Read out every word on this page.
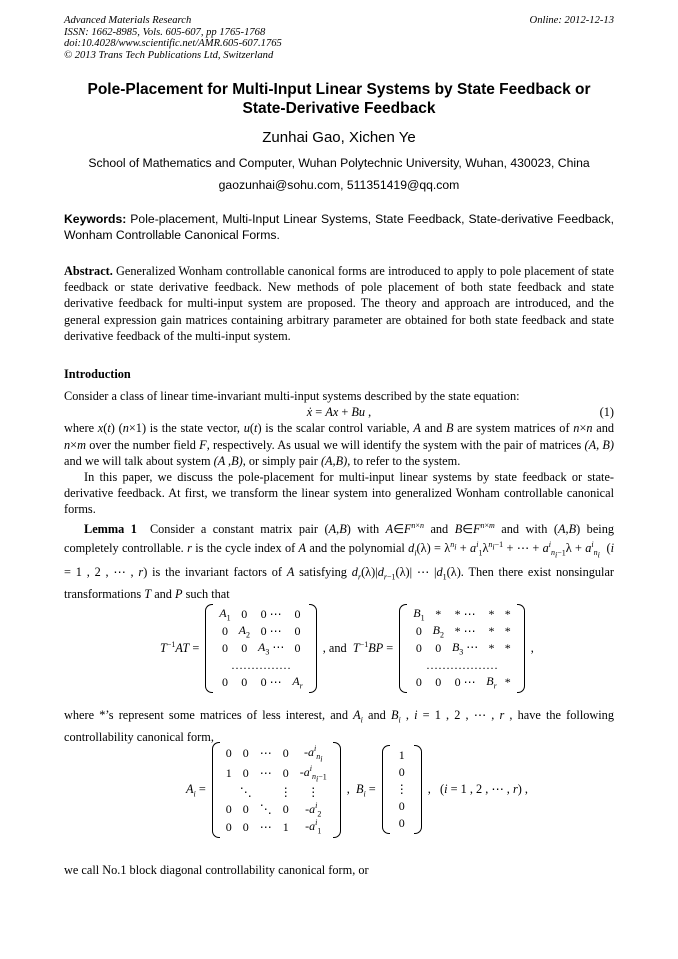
Advanced Materials Research
ISSN: 1662-8985, Vols. 605-607, pp 1765-1768
doi:10.4028/www.scientific.net/AMR.605-607.1765
© 2013 Trans Tech Publications Ltd, Switzerland
Online: 2012-12-13
Pole-Placement for Multi-Input Linear Systems by State Feedback or
State-Derivative Feedback
Zunhai Gao, Xichen Ye
School of Mathematics and Computer, Wuhan Polytechnic University, Wuhan, 430023, China
gaozunhai@sohu.com, 511351419@qq.com
Keywords: Pole-placement, Multi-Input Linear Systems, State Feedback, State-derivative Feedback, Wonham Controllable Canonical Forms.
Abstract. Generalized Wonham controllable canonical forms are introduced to apply to pole placement of state feedback or state derivative feedback. New methods of pole placement of both state feedback and state derivative feedback for multi-input system are proposed. The theory and approach are introduced, and the general expression gain matrices containing arbitrary parameter are obtained for both state feedback and state derivative feedback of the multi-input system.
Introduction

Consider a class of linear time-invariant multi-input systems described by the state equation:

ẋ = Ax + Bu ,	(1)

where x(t) (n×1) is the state vector, u(t) is the scalar control variable, A and B are system matrices of n×n and n×m over the number field F, respectively. As usual we will identify the system with the pair of matrices (A, B) and we will talk about system (A ,B), or simply pair (A,B), to refer to the system.

In this paper, we discuss the pole-placement for multi-input linear systems by state feedback or state-derivative feedback. At first, we transform the linear system into generalized Wonham controllable canonical forms.

Lemma 1 Consider a constant matrix pair (A,B) with $A\in F^{n\times n}$ and $B\in F^{n\times m}$ and with (A,B) being completely controllable. r is the cycle index of A and the polynomial $d_i(\lambda) = \lambda^{n_i} + a^i_1\lambda^{n_i-1}$ + ⋯ + $a^i_{n_i-1}\lambda + a^i_{n_i}$  (i = 1 , 2 , ⋯ , r) is the invariant factors of A satisfying $d_r(\lambda)|d_{r-1}(\lambda)|$ ⋯ $|d_1(\lambda)$. Then there exist nonsingular transformations T and P such that

$T^{-1}AT$ =
$A_1$	0	0 ⋯	0
0	$A_2$	0 ⋯	0
0	0	$A_3$ ⋯	0
……………			
0	0	0 ⋯	$A_r$
, and $T^{-1}BP$ =
$B_1$	*	* ⋯	*	*
0	$B_2$	* ⋯	*	*
0	0	$B_3$ ⋯	*	*
………………				
0	0	0 ⋯	$B_r$	*
,
where *’s represent some matrices of less interest, and $A_i$ and $B_i$ , i = 1 , 2 , ⋯ , r , have the following controllability canonical form,
$A_i$ =
0	0	⋯	0	$-a^i_{n_i}$
1	0	⋯	0	$-a^i_{n_i-1}$
	⋱		⋮	⋮
0	0	⋱	0	$-a^i_2$
0	0	⋯	1	$-a^i_1$
,  $B_i$ =
1
0
⋮
0
0
,   (i = 1 , 2 , ⋯ , r) ,
we call No.1 block diagonal controllability canonical form, or
